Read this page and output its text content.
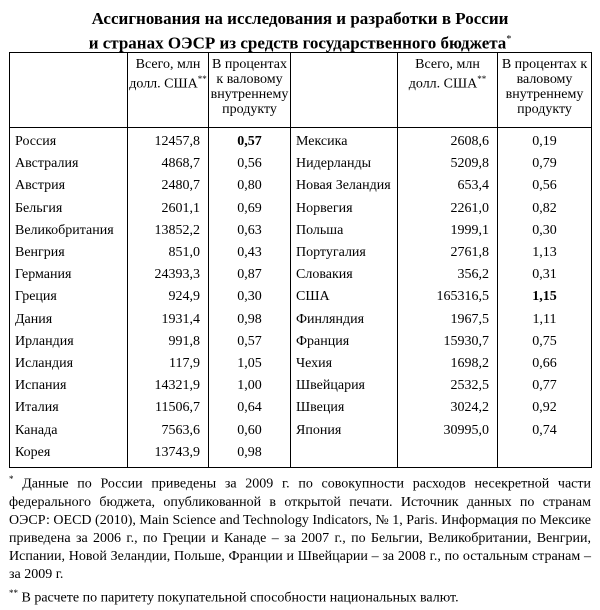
Ассигнования на исследования и разработки в России
и странах ОЭСР из средств государственного бюджета*
	Всего, млн долл. США**	В процентах к валовому внутреннему продукту		Всего, млн долл. США**	В процентах к валовому внутреннему продукту
Россия	12457,8	0,57	Мексика	2608,6	0,19
Австралия	4868,7	0,56	Нидерланды	5209,8	0,79
Австрия	2480,7	0,80	Новая Зеландия	653,4	0,56
Бельгия	2601,1	0,69	Норвегия	2261,0	0,82
Великобритания	13852,2	0,63	Польша	1999,1	0,30
Венгрия	851,0	0,43	Португалия	2761,8	1,13
Германия	24393,3	0,87	Словакия	356,2	0,31
Греция	924,9	0,30	США	165316,5	1,15
Дания	1931,4	0,98	Финляндия	1967,5	1,11
Ирландия	991,8	0,57	Франция	15930,7	0,75
Исландия	117,9	1,05	Чехия	1698,2	0,66
Испания	14321,9	1,00	Швейцария	2532,5	0,77
Италия	11506,7	0,64	Швеция	3024,2	0,92
Канада	7563,6	0,60	Япония	30995,0	0,74
Корея	13743,9	0,98			

* Данные по России приведены за 2009 г. по совокупности расходов несекретной части федерального бюджета, опубликованной в открытой печати. Источник данных по странам ОЭСР: OECD (2010), Main Science and Technology Indicators, № 1, Paris. Информация по Мексике приведена за 2006 г., по Греции и Канаде – за 2007 г., по Бельгии, Великобритании, Венгрии, Испании, Новой Зеландии, Польше, Франции и Швейцарии – за 2008 г., по остальным странам – за 2009 г.

** В расчете по паритету покупательной способности национальных валют.
